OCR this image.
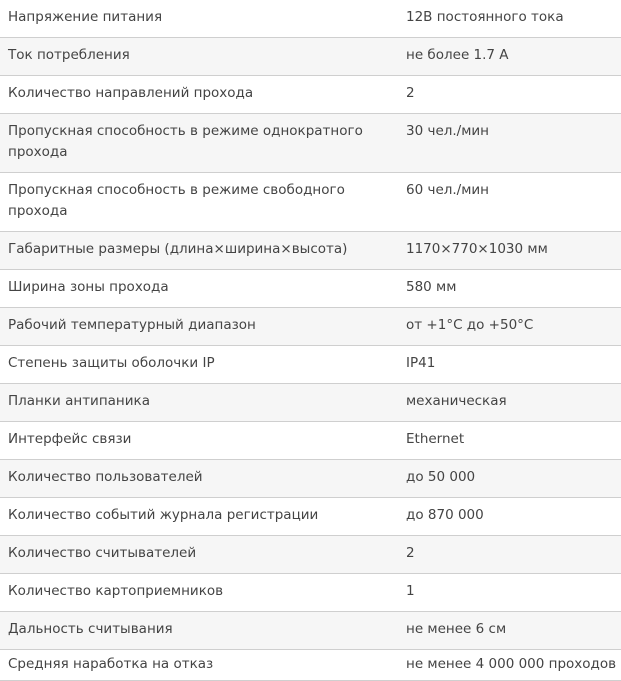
Напряжение питания	12В постоянного тока
Ток потребления	не более 1.7 А
Количество направлений прохода	2
Пропускная способность в режиме однократного прохода	30 чел./мин
Пропускная способность в режиме свободного прохода	60 чел./мин
Габаритные размеры (длина×ширина×высота)	1170×770×1030 мм
Ширина зоны прохода	580 мм
Рабочий температурный диапазон	от +1°С до +50°С
Степень защиты оболочки IP	IP41
Планки антипаника	механическая
Интерфейс связи	Ethernet
Количество пользователей	до 50 000
Количество событий журнала регистрации	до 870 000
Количество считывателей	2
Количество картоприемников	1
Дальность считывания	не менее 6 см
Средняя наработка на отказ	не менее 4 000 000 проходов
